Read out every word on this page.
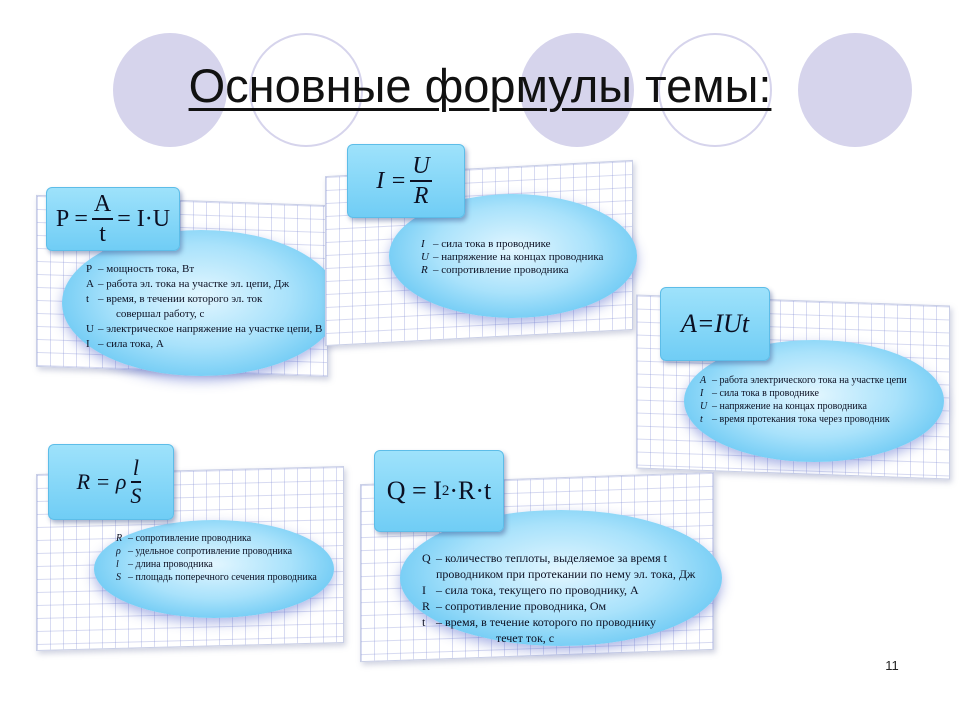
Основные формулы темы:
P – мощность тока, Вт
A – работа эл. тока на участке эл. цепи, Дж
t – время, в течении которого эл. ток
совершал работу, с
U – электрическое напряжение на участке цепи, В
I – сила тока, А
$P = \frac{A}{t} = I\cdot U$
I – сила тока в проводнике
U – напряжение на концах проводника
R – сопротивление проводника
$I = \frac{U}{R}$
A – работа электрического тока на участке цепи
I – сила тока в проводнике
U – напряжение на концах проводника
t – время протекания тока через проводник
A=IUt
R – сопротивление проводника
ρ – удельное сопротивление проводника
l – длина проводника
S – площадь поперечного сечения проводника
R = ρ $\frac{l}{S}$
Q – количество теплоты, выделяемое за время t
проводником при протекании по нему эл. тока, Дж
I – сила тока, текущего по проводнику, А
R – сопротивление проводника, Ом
t – время, в течение которого по проводнику
течет ток, с
Q = I 2 ·R·t
11
